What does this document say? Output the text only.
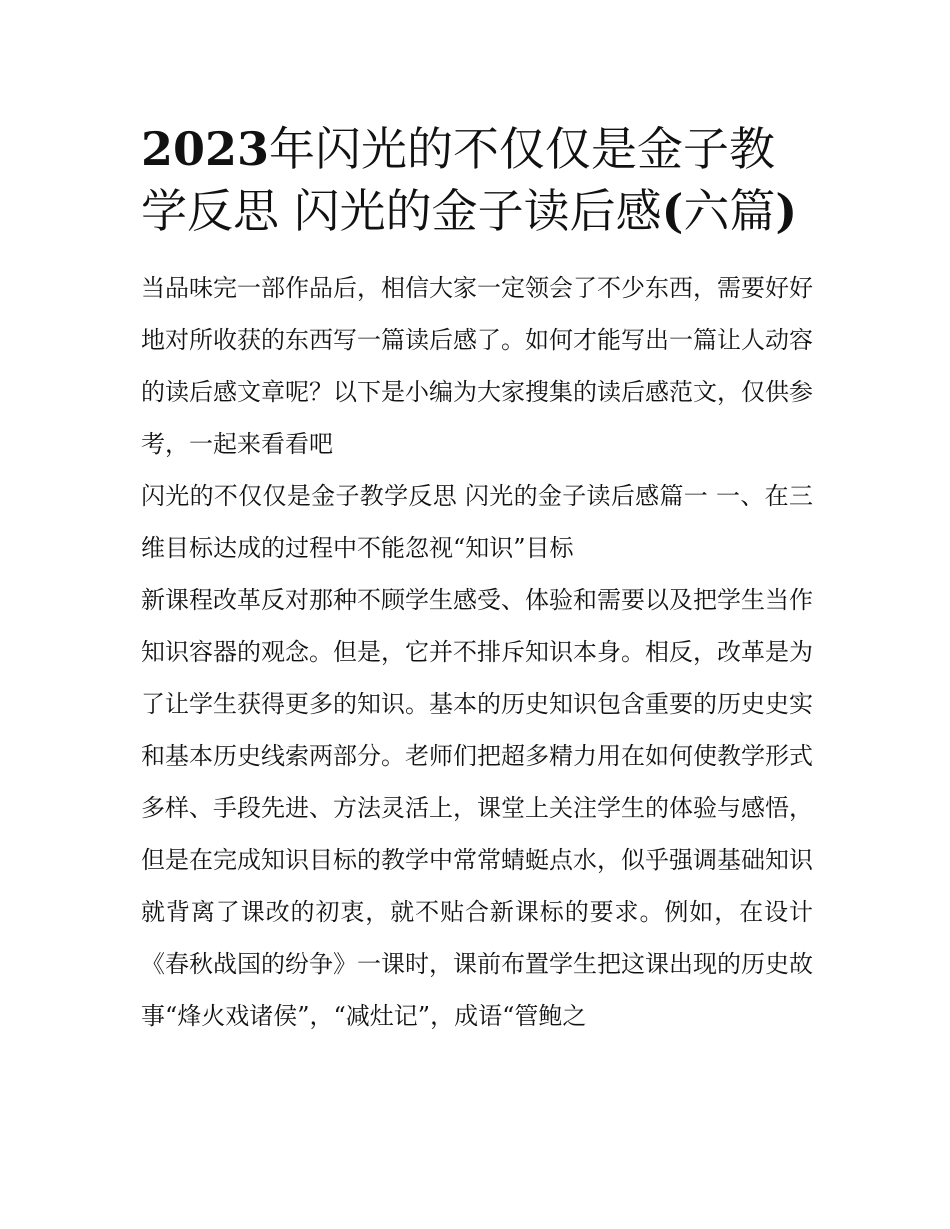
2023年闪光的不仅仅是金子教学反思 闪光的金子读后感(六篇)

当品味完一部作品后，相信大家一定领会了不少东西，需要好好地对所收获的东西写一篇读后感了。如何才能写出一篇让人动容的读后感文章呢？以下是小编为大家搜集的读后感范文，仅供参考，一起来看看吧

闪光的不仅仅是金子教学反思 闪光的金子读后感篇一 一、在三维目标达成的过程中不能忽视“知识”目标

新课程改革反对那种不顾学生感受、体验和需要以及把学生当作知识容器的观念。但是，它并不排斥知识本身。相反，改革是为了让学生获得更多的知识。基本的历史知识包含重要的历史史实和基本历史线索两部分。老师们把超多精力用在如何使教学形式多样、手段先进、方法灵活上，课堂上关注学生的体验与感悟，但是在完成知识目标的教学中常常蜻蜓点水，似乎强调基础知识就背离了课改的初衷，就不贴合新课标的要求。例如，在设计《春秋战国的纷争》一课时，课前布置学生把这课出现的历史故事“烽火戏诸侯”，“减灶记”，成语“管鲍之
